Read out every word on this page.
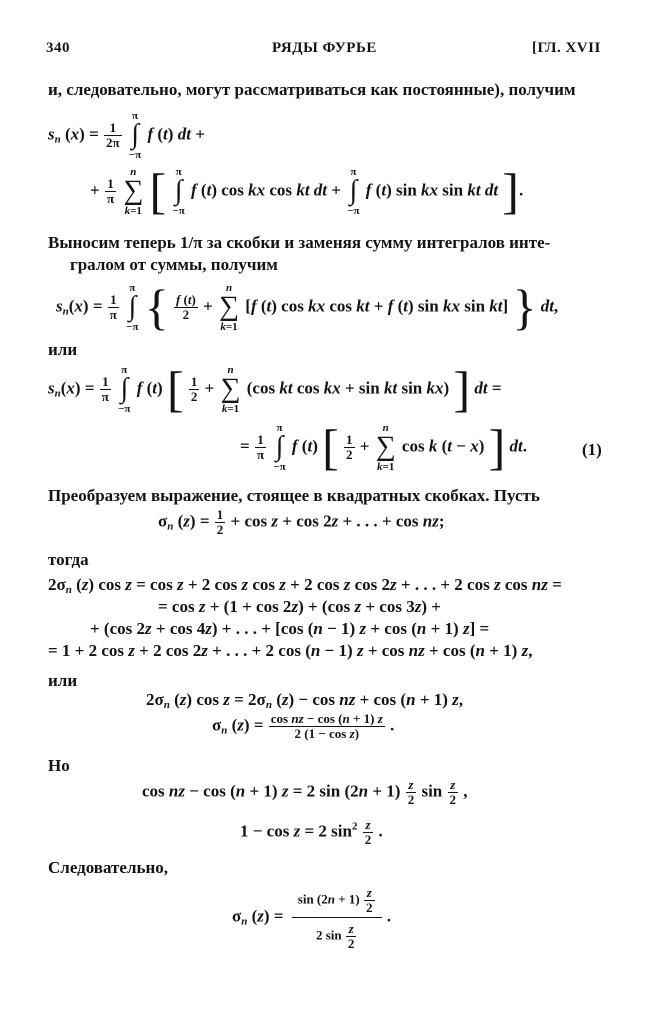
340	РЯДЫ ФУРЬЕ	[ГЛ. XVII
и, следовательно, могут рассматриваться как постоянные), получим
$s_n$ $(x) = \frac{1}{2\pi}$

π
∫
−π
f (t) dt +
+ $\frac{1}{\pi}$

n
∑
k=1 [ π
∫
−π
f (t) cos kx cos kt dt +
π
∫
−π
f (t) sin kx sin kt dt ].
Выносим теперь 1/π за скобки и заменяя сумму интегралов инте-
гралом от суммы, получим
$s_n(x) = \frac{1}{\pi}$

π
∫
−π { $\frac{f (t)}{2}$ +
n
∑
k=1
[f (t) cos kx cos kt + f (t) sin kx sin kt] } dt,
или
$s_n(x) = \frac{1}{\pi}$

π
∫
−π
f (t) [ $\frac{1}{2}$ +
n
∑
k=1
(cos kt cos kx + sin kt sin kx) ] dt =
= $\frac{1}{\pi}$

π
∫
−π
f (t) [ $\frac{1}{2}$ +
n
∑
k=1
cos k (t − x) ] dt.	(1)
Преобразуем выражение, стоящее в квадратных скобках. Пусть
$\sigma_n$ $(z) = \frac{1}{2} + \cos z + \cos 2z$ + . . . + cos nz;
тогда
$2\sigma_n$ (z) cos z = cos z + 2 cos z cos z + 2 cos z cos 2z + . . . + 2 cos z cos nz =
= cos z + (1 + cos 2z) + (cos z + cos 3z) +
+ (cos 2z + cos 4z) + . . . + [cos (n − 1) z + cos (n + 1) z] =
= 1 + 2 cos z + 2 cos 2z + . . . + 2 cos (n − 1) z + cos nz + cos (n + 1) z,
или
$2\sigma_n$ (z) $\cos z = 2\sigma_n$ (z) − cos nz + cos (n + 1) z,
$\sigma_n$ $(z) = \frac{\text{cos nz − cos (n + 1) z}}{\text{2 (1 − cos z)}}$ .
Но
cos nz − cos (n + 1) z = 2 $\sin (2n + 1) \frac{z}{2}$ $\sin \frac{z}{2}$ ,
1 − cos z = 2 $\sin^2 \frac{z}{2}$ .
Следовательно,
$\sigma_n$ $(z) = \frac{\sin (2n + 1) \frac{z}{2}}{2 \sin \frac{z}{2}}$ .
